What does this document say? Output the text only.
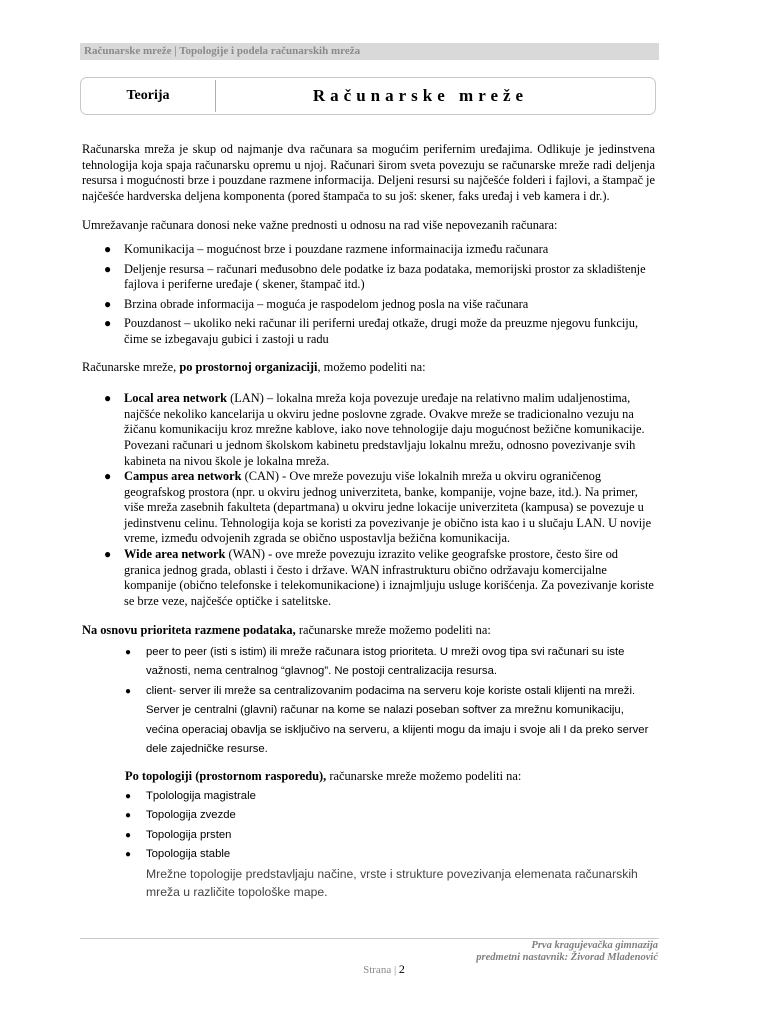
Računarske mreže | Topologije i podela računarskih mreža
Teorija	Računarske mreže

Računarska mreža je skup od najmanje dva računara sa mogućim perifernim uređajima. Odlikuje je jedinstvena tehnologija koja spaja računarsku opremu u njoj. Računari širom sveta povezuju se računarske mreže radi deljenja resursa i mogućnosti brze i pouzdane razmene informacija. Deljeni resursi su najčešće folderi i fajlovi, a štampač je najčešće hardverska deljena komponenta (pored štampača to su još: skener, faks uređaj i veb kamera i dr.).

Umrežavanje računara donosi neke važne prednosti u odnosu na rad više nepovezanih računara:

● Komunikacija – mogućnost brze i pouzdane razmene informainacija između računara
● Deljenje resursa – računari međusobno dele podatke iz baza podataka, memorijski prostor za skladištenje fajlova i periferne uređaje ( skener, štampač itd.)
● Brzina obrade informacija – moguća je raspodelom jednog posla na više računara
● Pouzdanost – ukoliko neki računar ili periferni uređaj otkaže, drugi može da preuzme njegovu funkciju, čime se izbegavaju gubici i zastoji u radu

Računarske mreže, po prostornoj organizaciji, možemo podeliti na:

● Local area network (LAN) – lokalna mreža koja povezuje uređaje na relativno malim udaljenostima, najčšće nekoliko kancelarija u okviru jedne poslovne zgrade. Ovakve mreže se tradicionalno vezuju na žičanu komunikaciju kroz mrežne kablove, iako nove tehnologije daju mogućnost bežične komunikacije. Povezani računari u jednom školskom kabinetu predstavljaju lokalnu mrežu, odnosno povezivanje svih kabineta na nivou škole je lokalna mreža.
● Campus area network (CAN) - Ove mreže povezuju više lokalnih mreža u okviru ograničenog geografskog prostora (npr. u okviru jednog univerziteta, banke, kompanije, vojne baze, itd.). Na primer, više mreža zasebnih fakulteta (departmana) u okviru jedne lokacije univerziteta (kampusa) se povezuje u jedinstvenu celinu. Tehnologija koja se koristi za povezivanje je obično ista kao i u slučaju LAN. U novije vreme, između odvojenih zgrada se obično uspostavlja bežična komunikacija.
● Wide area network (WAN) - ove mreže povezuju izrazito velike geografske prostore, često šire od granica jednog grada, oblasti i često i države. WAN infrastrukturu obično održavaju komercijalne kompanije (obično telefonske i telekomunikacione) i iznajmljuju usluge korišćenja. Za povezivanje koriste se brze veze, najčešće optičke i satelitske.

Na osnovu prioriteta razmene podataka, računarske mreže možemo podeliti na:

● peer to peer (isti s istim) ili mreže računara istog prioriteta. U mreži ovog tipa svi računari su iste važnosti, nema centralnog “glavnog”. Ne postoji centralizacija resursa.
● client- server ili mreže sa centralizovanim podacima na serveru koje koriste ostali klijenti na mreži. Server je centralni (glavni) računar na kome se nalazi poseban softver za mrežnu komunikaciju, većina operaciaj obavlja se isključivo na serveru, a klijenti mogu da imaju i svoje ali I da preko server dele zajedničke resurse.

Po topologiji (prostornom rasporedu), računarske mreže možemo podeliti na:

● Tpolologija magistrale
● Topologija zvezde
● Topologija prsten
● Topologija stable

Mrežne topologije predstavljaju načine, vrste i strukture povezivanja elemenata računarskih mreža u različite topološke mape.

Prva kragujevačka gimnazija
predmetni nastavnik: Živorad Mladenović
Strana | 2
